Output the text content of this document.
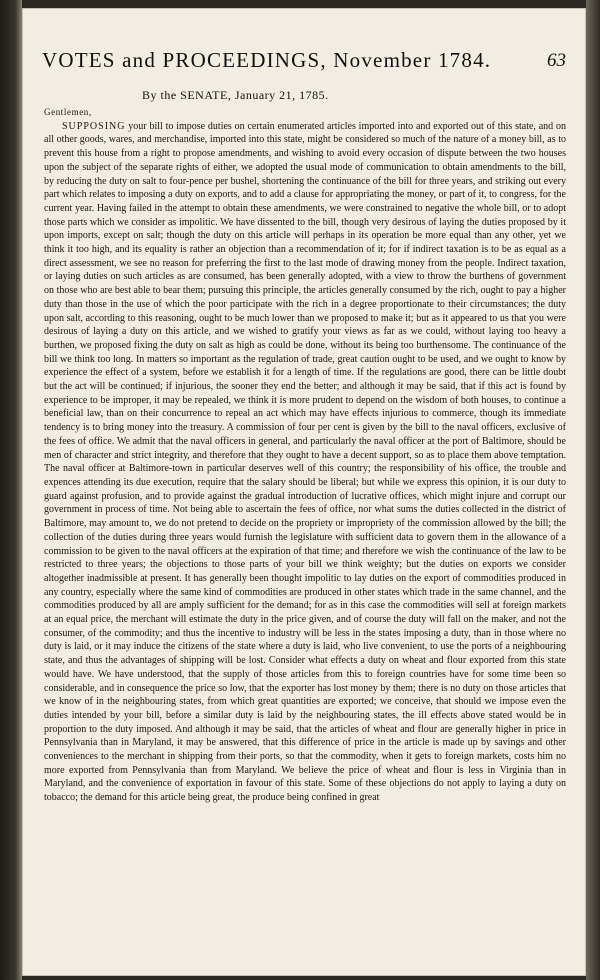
VOTES and PROCEEDINGS, November 1784.	63
By the SENATE, January 21, 1785.
Gentlemen,

SUPPOSING your bill to impose duties on certain enumerated articles imported into and exported out of this state, and on all other goods, wares, and merchandise, imported into this state, might be considered so much of the nature of a money bill, as to prevent this house from a right to propose amendments, and wishing to avoid every occasion of dispute between the two houses upon the subject of the separate rights of either, we adopted the usual mode of communication to obtain amendments to the bill, by reducing the duty on salt to four-pence per bushel, shortening the continuance of the bill for three years, and striking out every part which relates to imposing a duty on exports, and to add a clause for appropriating the money, or part of it, to congress, for the current year. Having failed in the attempt to obtain these amendments, we were constrained to negative the whole bill, or to adopt those parts which we consider as impolitic. We have dissented to the bill, though very desirous of laying the duties proposed by it upon imports, except on salt; though the duty on this article will perhaps in its operation be more equal than any other, yet we think it too high, and its equality is rather an objection than a recommendation of it; for if indirect taxation is to be as equal as a direct assessment, we see no reason for preferring the first to the last mode of drawing money from the people. Indirect taxation, or laying duties on such articles as are consumed, has been generally adopted, with a view to throw the burthens of government on those who are best able to bear them; pursuing this principle, the articles generally consumed by the rich, ought to pay a higher duty than those in the use of which the poor participate with the rich in a degree proportionate to their circumstances; the duty upon salt, according to this reasoning, ought to be much lower than we proposed to make it; but as it appeared to us that you were desirous of laying a duty on this article, and we wished to gratify your views as far as we could, without laying too heavy a burthen, we proposed fixing the duty on salt as high as could be done, without its being too burthensome. The continuance of the bill we think too long. In matters so important as the regulation of trade, great caution ought to be used, and we ought to know by experience the effect of a system, before we establish it for a length of time. If the regulations are good, there can be little doubt but the act will be continued; if injurious, the sooner they end the better; and although it may be said, that if this act is found by experience to be improper, it may be repealed, we think it is more prudent to depend on the wisdom of both houses, to continue a beneficial law, than on their concurrence to repeal an act which may have effects injurious to commerce, though its immediate tendency is to bring money into the treasury. A commission of four per cent is given by the bill to the naval officers, exclusive of the fees of office. We admit that the naval officers in general, and particularly the naval officer at the port of Baltimore, should be men of character and strict integrity, and therefore that they ought to have a decent support, so as to place them above temptation. The naval officer at Baltimore-town in particular deserves well of this country; the responsibility of his office, the trouble and expences attending its due execution, require that the salary should be liberal; but while we express this opinion, it is our duty to guard against profusion, and to provide against the gradual introduction of lucrative offices, which might injure and corrupt our government in process of time. Not being able to ascertain the fees of office, nor what sums the duties collected in the district of Baltimore, may amount to, we do not pretend to decide on the propriety or impropriety of the commission allowed by the bill; the collection of the duties during three years would furnish the legislature with sufficient data to govern them in the allowance of a commission to be given to the naval officers at the expiration of that time; and therefore we wish the continuance of the law to be restricted to three years; the objections to those parts of your bill we think weighty; but the duties on exports we consider altogether inadmissible at present. It has generally been thought impolitic to lay duties on the export of commodities produced in any country, especially where the same kind of commodities are produced in other states which trade in the same channel, and the commodities produced by all are amply sufficient for the demand; for as in this case the commodities will sell at foreign markets at an equal price, the merchant will estimate the duty in the price given, and of course the duty will fall on the maker, and not the consumer, of the commodity; and thus the incentive to industry will be less in the states imposing a duty, than in those where no duty is laid, or it may induce the citizens of the state where a duty is laid, who live convenient, to use the ports of a neighbouring state, and thus the advantages of shipping will be lost. Consider what effects a duty on wheat and flour exported from this state would have. We have understood, that the supply of those articles from this to foreign countries have for some time been so considerable, and in consequence the price so low, that the exporter has lost money by them; there is no duty on those articles that we know of in the neighbouring states, from which great quantities are exported; we conceive, that should we impose even the duties intended by your bill, before a similar duty is laid by the neighbouring states, the ill effects above stated would be in proportion to the duty imposed. And although it may be said, that the articles of wheat and flour are generally higher in price in Pennsylvania than in Maryland, it may be answered, that this difference of price in the article is made up by savings and other conveniences to the merchant in shipping from their ports, so that the commodity, when it gets to foreign markets, costs him no more exported from Pennsylvania than from Maryland. We believe the price of wheat and flour is less in Virginia than in Maryland, and the convenience of exportation in favour of this state. Some of these objections do not apply to laying a duty on tobacco; the demand for this article being great, the produce being confined in great
